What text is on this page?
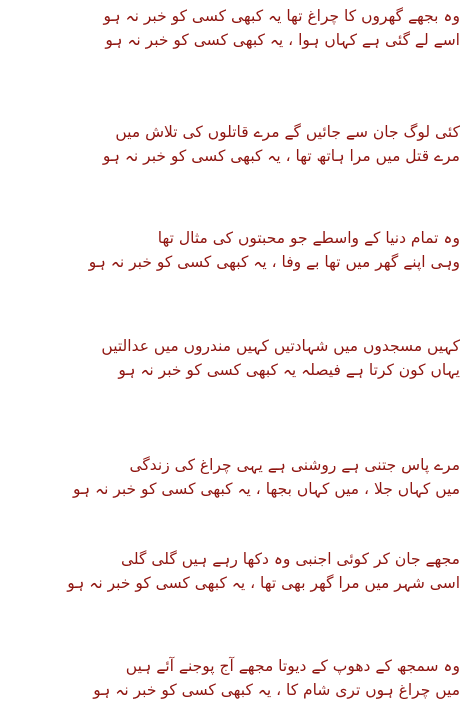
وہ بجھے گھروں کا چراغ تھا یہ کبھی کسی کو خبر نہ ہو
اسے لے گئی ہے کہاں ہوا ، یہ کبھی کسی کو خبر نہ ہو
کئی لوگ جان سے جائیں گے مرے قاتلوں کی تلاش میں
مرے قتل میں مرا ہاتھ تھا ، یہ کبھی کسی کو خبر نہ ہو
وہ تمام دنیا کے واسطے جو محبتوں کی مثال تھا
وہی اپنے گھر میں تھا بے وفا ، یہ کبھی کسی کو خبر نہ ہو
کہیں مسجدوں میں شہادتیں کہیں مندروں میں عدالتیں
یہاں کون کرتا ہے فیصلہ یہ کبھی کسی کو خبر نہ ہو
مرے پاس جتنی ہے روشنی ہے یہی چراغ کی زندگی
میں کہاں جلا ، میں کہاں بجھا ، یہ کبھی کسی کو خبر نہ ہو
مجھے جان کر کوئی اجنبی وہ دکھا رہے ہیں گلی گلی
اسی شہر میں مرا گھر بھی تھا ، یہ کبھی کسی کو خبر نہ ہو
وہ سمجھ کے دھوپ کے دیوتا مجھے آج پوجنے آئے ہیں
میں چراغ ہوں تری شام کا ، یہ کبھی کسی کو خبر نہ ہو
